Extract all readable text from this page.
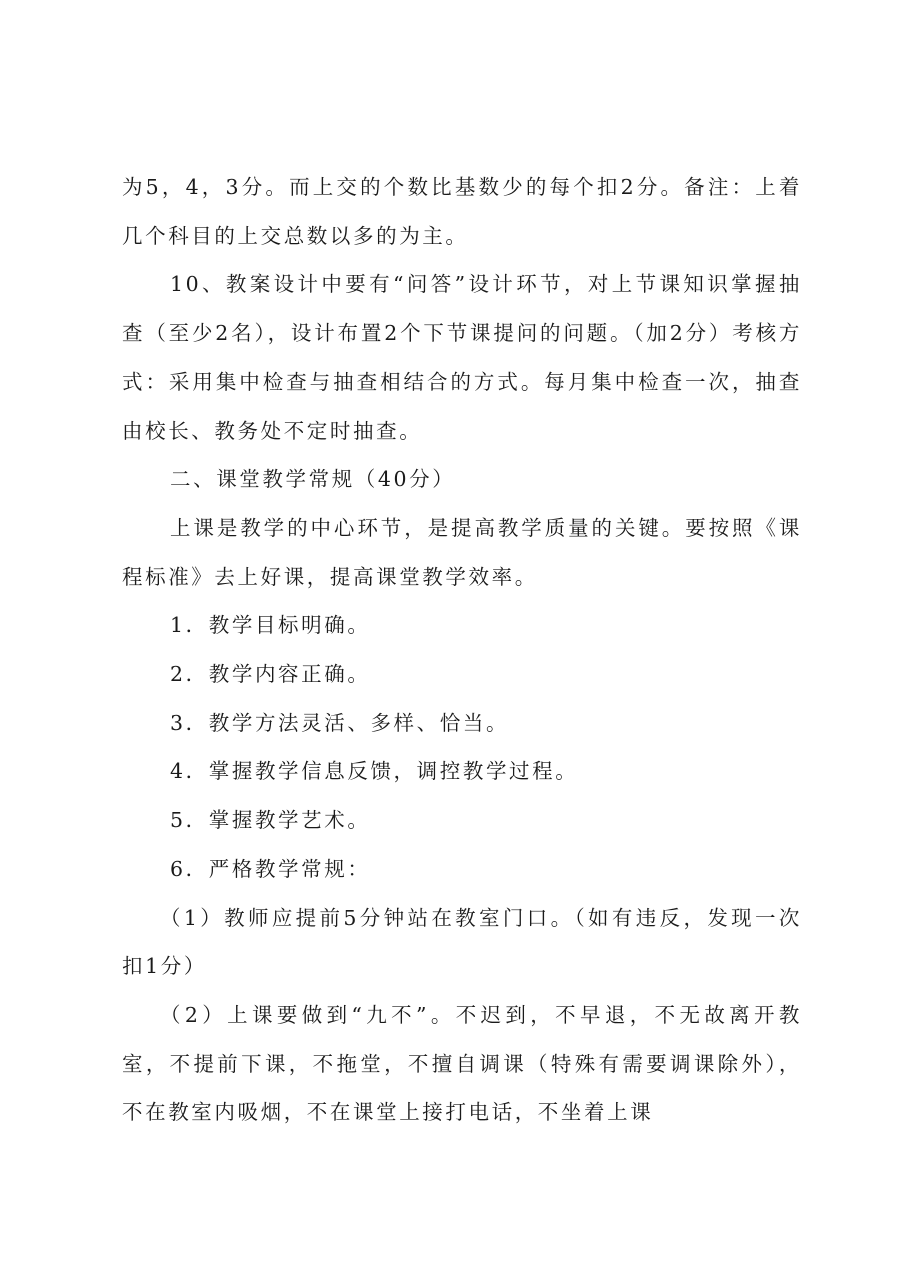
为5，4，3分。而上交的个数比基数少的每个扣2分。备注：上着几个科目的上交总数以多的为主。

10、教案设计中要有“问答”设计环节，对上节课知识掌握抽查（至少2名），设计布置2个下节课提问的问题。（加2分）考核方式：采用集中检查与抽查相结合的方式。每月集中检查一次，抽查由校长、教务处不定时抽查。

二、课堂教学常规（40分）

上课是教学的中心环节，是提高教学质量的关键。要按照《课程标准》去上好课，提高课堂教学效率。

1．教学目标明确。

2．教学内容正确。

3．教学方法灵活、多样、恰当。

4．掌握教学信息反馈，调控教学过程。

5．掌握教学艺术。

6．严格教学常规：

（1）教师应提前5分钟站在教室门口。（如有违反，发现一次扣1分）

（2）上课要做到“九不”。不迟到，不早退，不无故离开教室，不提前下课，不拖堂，不擅自调课（特殊有需要调课除外），不在教室内吸烟，不在课堂上接打电话，不坐着上课
